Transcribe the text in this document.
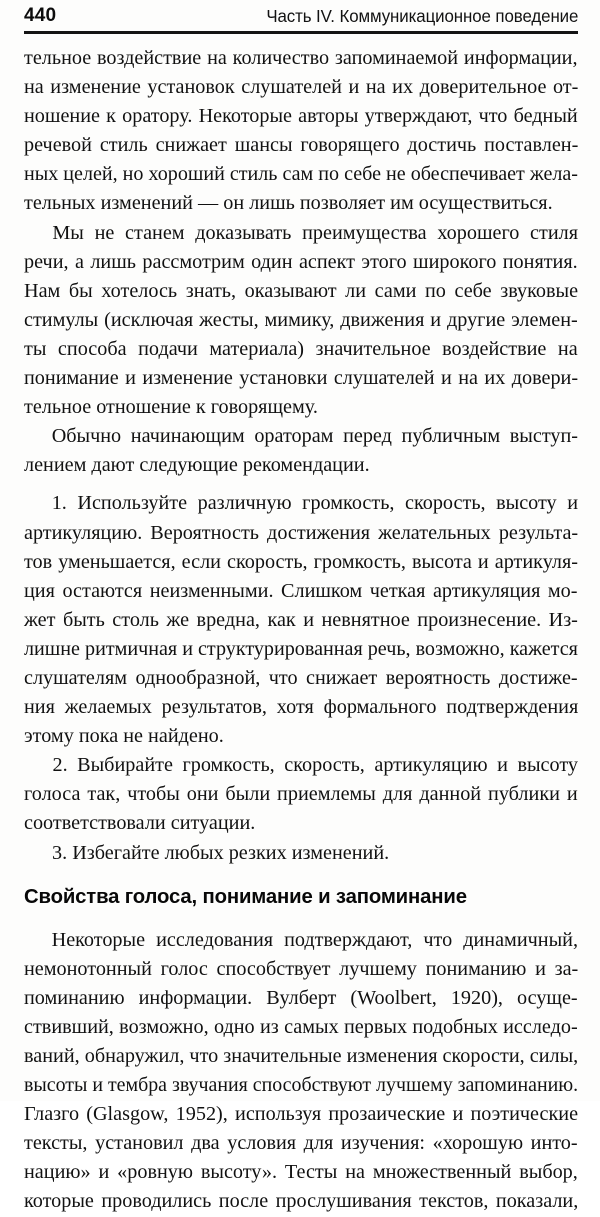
440	Часть IV. Коммуникационное поведение

тельное воздействие на количество запоминаемой информации,
на изменение установок слушателей и на их доверительное от-
ношение к оратору. Некоторые авторы утверждают, что бедный
речевой стиль снижает шансы говорящего достичь поставлен-
ных целей, но хороший стиль сам по себе не обеспечивает жела-
тельных изменений — он лишь позволяет им осуществиться.

Мы не станем доказывать преимущества хорошего стиля
речи, а лишь рассмотрим один аспект этого широкого понятия.
Нам бы хотелось знать, оказывают ли сами по себе звуковые
стимулы (исключая жесты, мимику, движения и другие элемен-
ты способа подачи материала) значительное воздействие на
понимание и изменение установки слушателей и на их довери-
тельное отношение к говорящему.

Обычно начинающим ораторам перед публичным выступ-
лением дают следующие рекомендации.

1. Используйте различную громкость, скорость, высоту и
артикуляцию. Вероятность достижения желательных результа-
тов уменьшается, если скорость, громкость, высота и артикуля-
ция остаются неизменными. Слишком четкая артикуляция мо-
жет быть столь же вредна, как и невнятное произнесение. Из-
лишне ритмичная и структурированная речь, возможно, кажется
слушателям однообразной, что снижает вероятность достиже-
ния желаемых результатов, хотя формального подтверждения
этому пока не найдено.

2. Выбирайте громкость, скорость, артикуляцию и высоту
голоса так, чтобы они были приемлемы для данной публики и
соответствовали ситуации.

3. Избегайте любых резких изменений.

Свойства голоса, понимание и запоминание

Некоторые исследования подтверждают, что динамичный,
немонотонный голос способствует лучшему пониманию и за-
поминанию информации. Вулберт (Woolbert, 1920), осуще-
ствивший, возможно, одно из самых первых подобных исследо-
ваний, обнаружил, что значительные изменения скорости, силы,
высоты и тембра звучания способствуют лучшему запоминанию.
Глазго (Glasgow, 1952), используя прозаические и поэтические
тексты, установил два условия для изучения: «хорошую инто-
нацию» и «ровную высоту». Тесты на множественный выбор,
которые проводились после прослушивания текстов, показали,
